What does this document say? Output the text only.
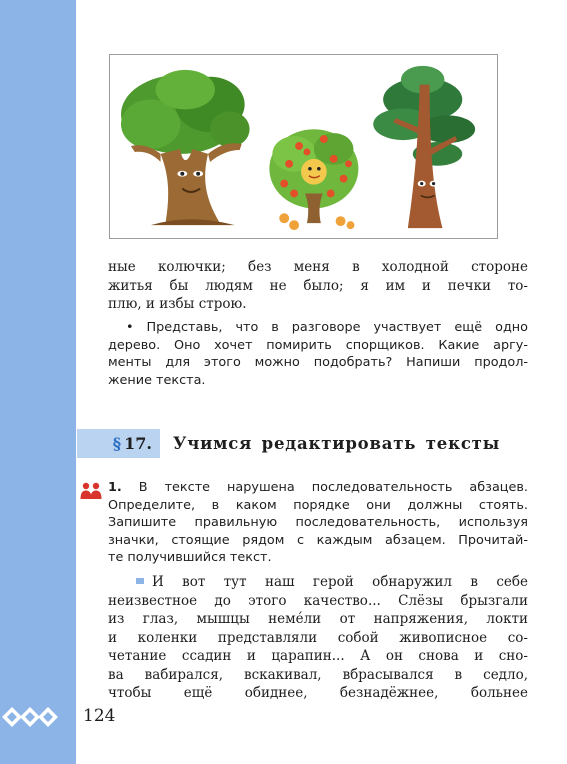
ные колючки; без меня в холодной стороне
житья бы людям не было; я им и печки то-
плю, и избы строю.
• Представь, что в разговоре участвует ещё одно
дерево. Оно хочет помирить спорщиков. Какие аргу-
менты для этого можно подобрать? Напиши продол-
жение текста.
§ 17. Учимся редактировать тексты
1. В тексте нарушена последовательность абзацев.
Определите, в каком порядке они должны стоять.
Запишите правильную последовательность, используя
значки, стоящие рядом с каждым абзацем. Прочитай-
те получившийся текст.
И вот тут наш герой обнаружил в себе
неизвестное до этого качество... Слёзы брызгали
из глаз, мышцы немéли от напряжения, локти
и коленки представляли собой живописное со-
четание ссадин и царапин... А он снова и сно-
ва вабирался, вскакивал, вбрасывался в седло,
чтобы ещё обиднее, безнадёжнее, больнее
124
